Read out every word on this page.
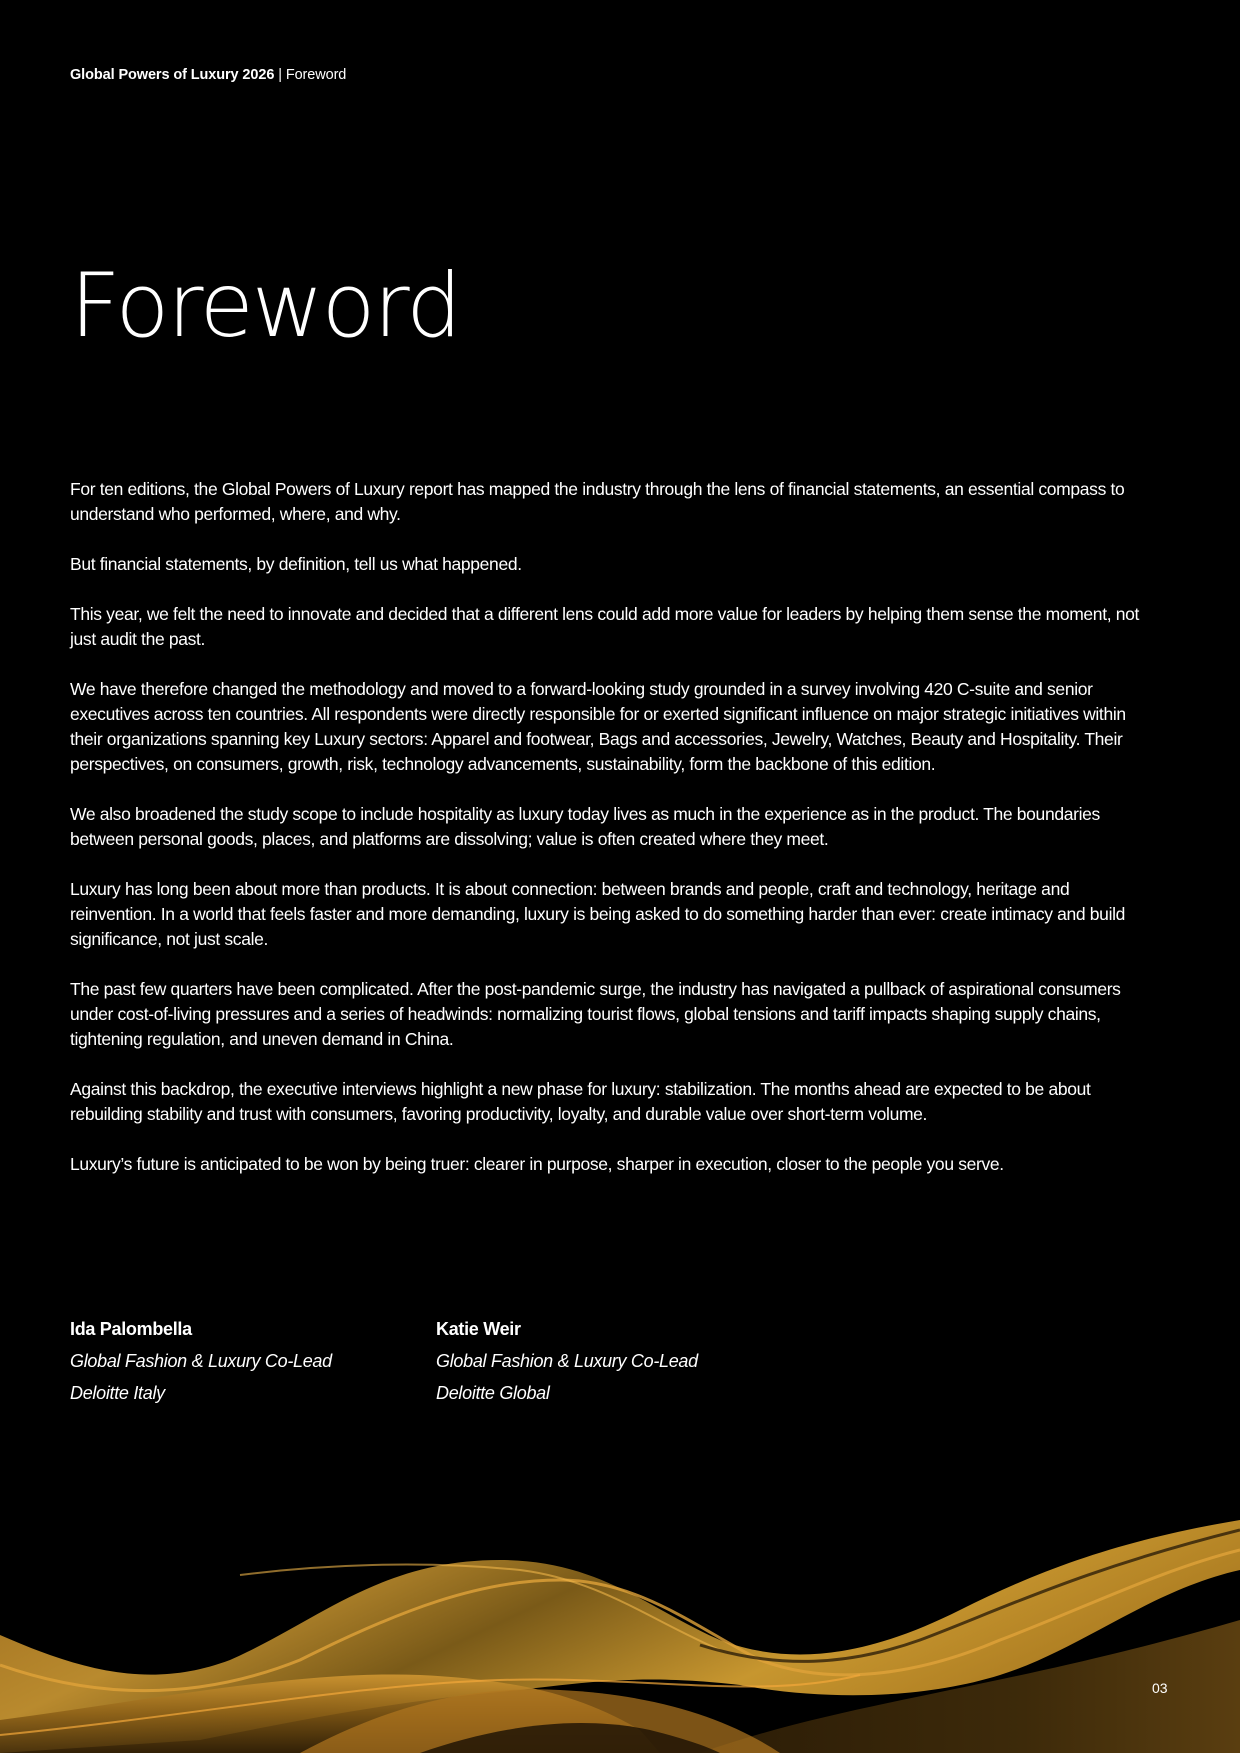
Global Powers of Luxury 2026 | Foreword
Foreword

For ten editions, the Global Powers of Luxury report has mapped the industry through the lens of financial statements, an essential compass to understand who performed, where, and why.

But financial statements, by definition, tell us what happened.

This year, we felt the need to innovate and decided that a different lens could add more value for leaders by helping them sense the moment, not just audit the past.

We have therefore changed the methodology and moved to a forward-looking study grounded in a survey involving 420 C-suite and senior executives across ten countries. All respondents were directly responsible for or exerted significant influence on major strategic initiatives within their organizations spanning key Luxury sectors: Apparel and footwear, Bags and accessories, Jewelry, Watches, Beauty and Hospitality. Their perspectives, on consumers, growth, risk, technology advancements, sustainability, form the backbone of this edition.

We also broadened the study scope to include hospitality as luxury today lives as much in the experience as in the product. The boundaries between personal goods, places, and platforms are dissolving; value is often created where they meet.

Luxury has long been about more than products. It is about connection: between brands and people, craft and technology, heritage and reinvention. In a world that feels faster and more demanding, luxury is being asked to do something harder than ever: create intimacy and build significance, not just scale.

The past few quarters have been complicated. After the post-pandemic surge, the industry has navigated a pullback of aspirational consumers under cost-of-living pressures and a series of headwinds: normalizing tourist flows, global tensions and tariff impacts shaping supply chains, tightening regulation, and uneven demand in China.

Against this backdrop, the executive interviews highlight a new phase for luxury: stabilization. The months ahead are expected to be about rebuilding stability and trust with consumers, favoring productivity, loyalty, and durable value over short-term volume.

Luxury’s future is anticipated to be won by being truer: clearer in purpose, sharper in execution, closer to the people you serve.

Ida Palombella
Global Fashion & Luxury Co-Lead
Deloitte Italy
Katie Weir
Global Fashion & Luxury Co-Lead
Deloitte Global
03
